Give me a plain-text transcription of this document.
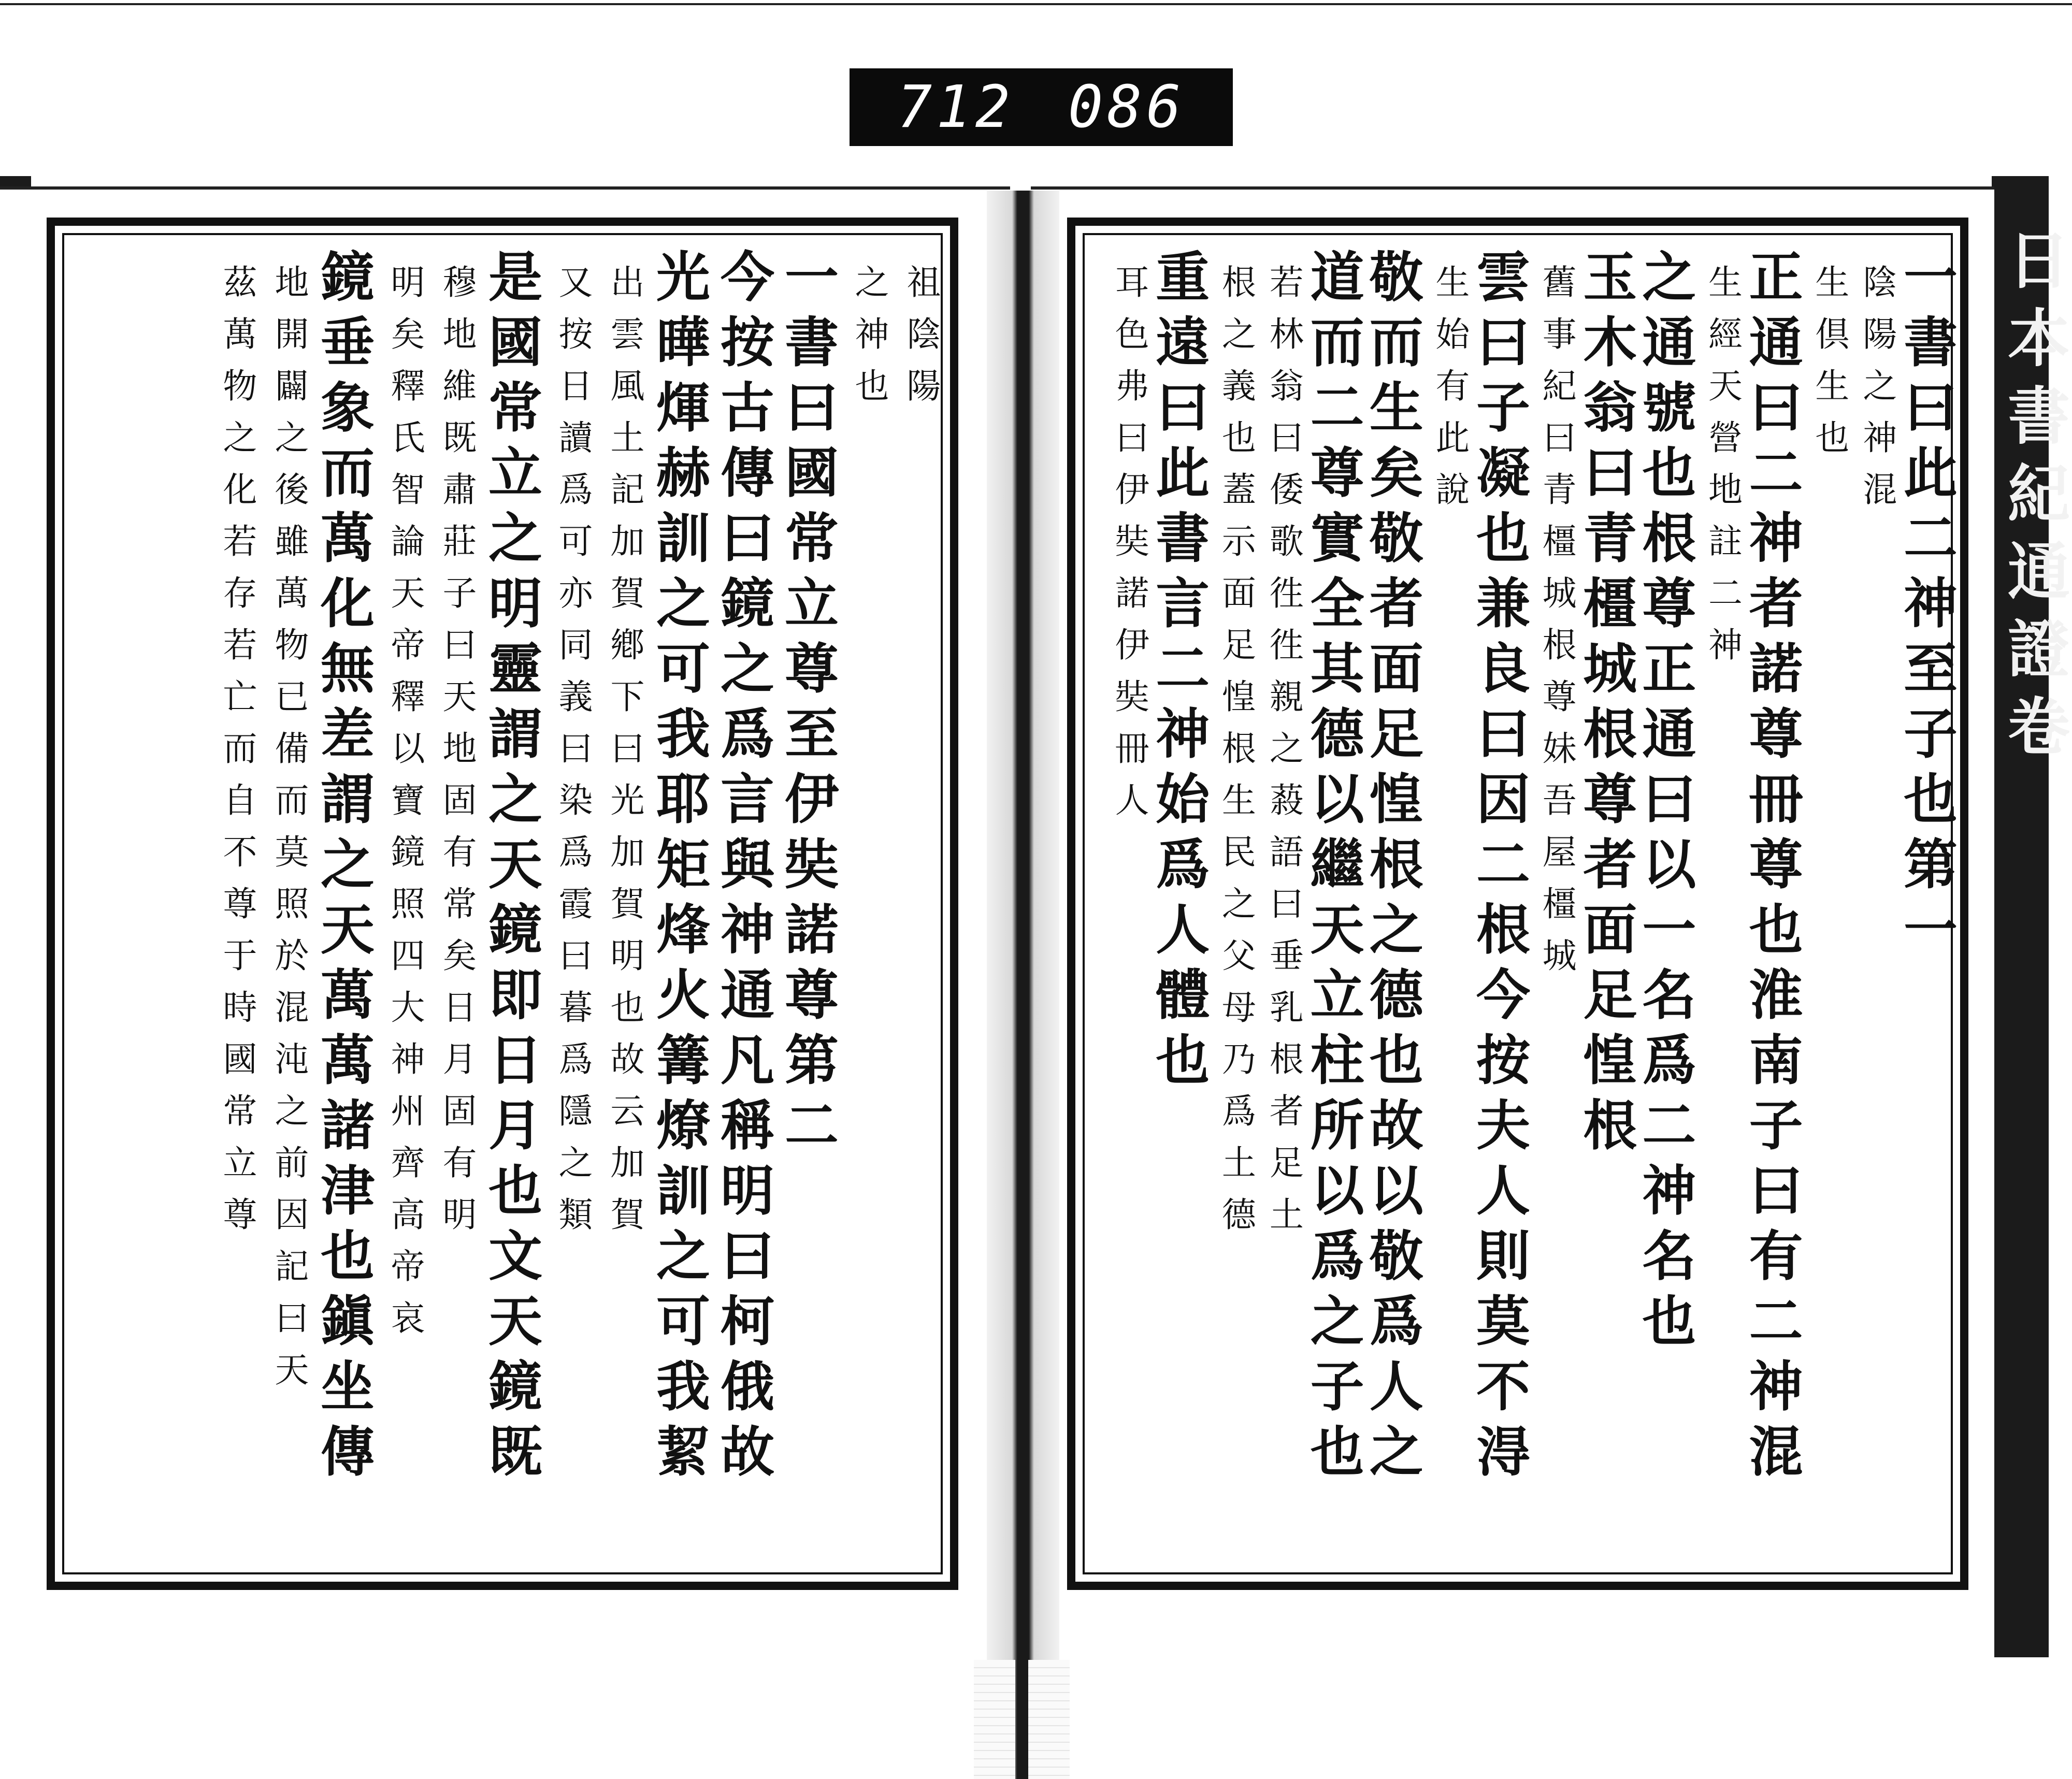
712 086
日本書紀通證卷
祖陰陽
之神也
一書曰國常立尊至伊奘諾尊第二
今按古傳曰鏡之爲言與神通凡稱明曰柯俄故
光曄煇赫訓之可我耶矩烽火篝燎訓之可我絜
出雲風土記加賀鄕下曰光加賀明也故云加賀
又按日讀爲可亦同義曰染爲霞曰暮爲隱之類
是國常立之明靈謂之天鏡即日月也文天鏡既
穆地維既肅莊子曰天地固有常矣日月固有明
明矣釋氏智論天帝釋以寶鏡照四大神州齊高帝哀
鏡垂象而萬化無差謂之天萬萬諸津也鎭坐傳
地開闢之後雖萬物已備而莫照於混沌之前因記曰天
茲萬物之化若存若亡而自不尊于時國常立尊	一書曰此二神至子也第一
陰陽之神混
生倶生也
正通曰二神者諾尊冊尊也淮南子曰有二神混
生經天營地註二神
之通號也根尊正通曰以一名爲二神名也
玉木翁曰青橿城根尊者面足惶根
舊事紀曰青橿城根尊妹吾屋橿城
雲曰子凝也兼良曰因二根今按夫人則莫不淂
生始有此說
敬而生矣敬者面足惶根之德也故以敬爲人之
道而二尊實全其德以繼天立柱所以爲之子也
若林翁曰倭歌徃徃親之蔱語曰垂乳根者足土
根之義也蓋示面足惶根生民之父母乃爲土德
重遠曰此書言二神始爲人體也
耳色弗曰伊奘諾伊奘冊人
